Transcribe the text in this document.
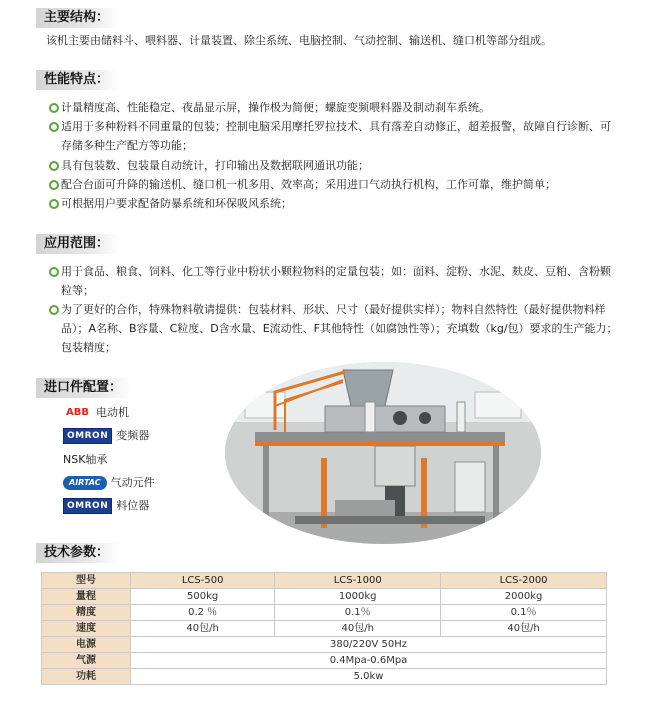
主要结构：
该机主要由储料斗、喂料器、计量装置、除尘系统、电脑控制、气动控制、输送机、缝口机等部分组成。
性能特点：
计量精度高、性能稳定、夜晶显示屏，操作极为简便；螺旋变频喂料器及制动刹车系统。
适用于多种粉料不同重量的包装；控制电脑采用摩托罗拉技术、具有落差自动修正，超差报警，故障自行诊断、可存储多种生产配方等功能；
具有包装数、包装量自动统计，打印输出及数据联网通讯功能；
配合台面可升降的输送机、缝口机一机多用、效率高；采用进口气动执行机构，工作可靠，维护简单；
可根据用户要求配备防暴系统和环保吸风系统；
应用范围：
用于食品、粮食、饲料、化工等行业中粉状小颗粒物料的定量包装；如：面料、淀粉、水泥、麸皮、豆粕、含粉颗粒等；
为了更好的合作，特殊物料敬请提供：包装材料、形状、尺寸（最好提供实样）；物料自然特性（最好提供物料样品）；A名称、B容量、C粒度、D含水量、E流动性、F其他特性（如腐蚀性等）；充填数（kg/包）要求的生产能力；包装精度；
进口件配置：
ABB 电动机
OMRON 变频器
NSK轴承
AIRTAC 气动元件
OMRON 料位器
技术参数：
型号	LCS-500	LCS-1000	LCS-2000
量程	500kg	1000kg	2000kg
精度	0.2 ％	0.1％	0.1％
速度	40包/h	40包/h	40包/h
电源	380/220V 50Hz		
气源	0.4Mpa-0.6Mpa		
功耗	5.0kw		
